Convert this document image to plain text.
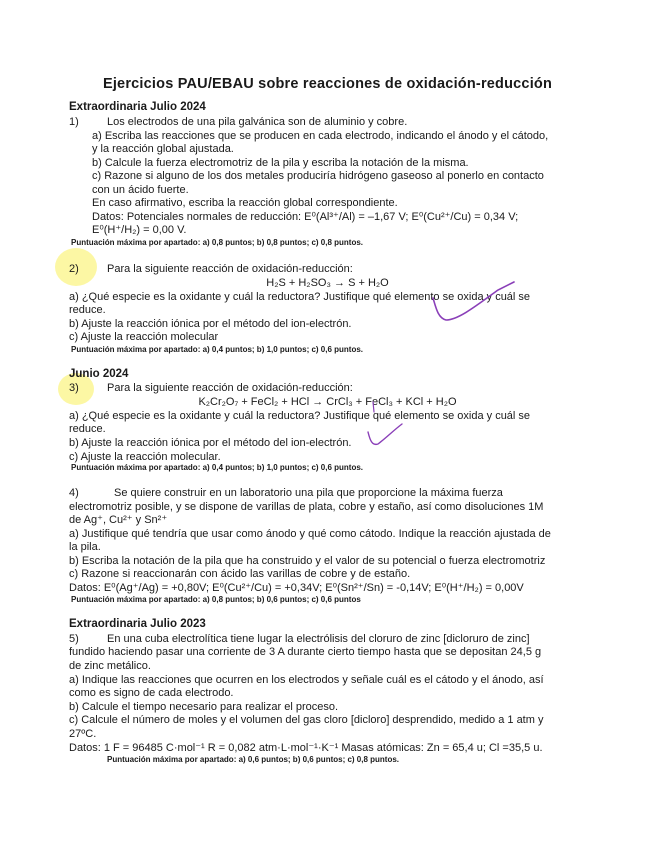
Ejercicios PAU/EBAU sobre reacciones de oxidación-reducción
Extraordinaria Julio 2024
1)	Los electrodos de una pila galvánica son de aluminio y cobre.
a) Escriba las reacciones que se producen en cada electrodo, indicando el ánodo y el cátodo,
y la reacción global ajustada.
b) Calcule la fuerza electromotriz de la pila y escriba la notación de la misma.
c) Razone si alguno de los dos metales produciría hidrógeno gaseoso al ponerlo en contacto
con un ácido fuerte.
En caso afirmativo, escriba la reacción global correspondiente.
Datos: Potenciales normales de reducción: E⁰(Al³⁺/Al) = –1,67 V; E⁰(Cu²⁺/Cu) = 0,34 V;
E⁰(H⁺/H₂) = 0,00 V.
Puntuación máxima por apartado: a) 0,8 puntos; b) 0,8 puntos; c) 0,8 puntos.
2)	Para la siguiente reacción de oxidación-reducción:
H₂S + H₂SO₃ → S + H₂O
a) ¿Qué especie es la oxidante y cuál la reductora? Justifique qué elemento se oxida y cuál se
reduce.
b) Ajuste la reacción iónica por el método del ion-electrón.
c) Ajuste la reacción molecular
Puntuación máxima por apartado: a) 0,4 puntos; b) 1,0 puntos; c) 0,6 puntos.
Junio 2024
3)	Para la siguiente reacción de oxidación-reducción:
K₂Cr₂O₇ + FeCl₂ + HCl → CrCl₃ + FeCl₃ + KCl + H₂O
a) ¿Qué especie es la oxidante y cuál la reductora? Justifique qué elemento se oxida y cuál se
reduce.
b) Ajuste la reacción iónica por el método del ion-electrón.
c) Ajuste la reacción molecular.
Puntuación máxima por apartado: a) 0,4 puntos; b) 1,0 puntos; c) 0,6 puntos.
4)	Se quiere construir en un laboratorio una pila que proporcione la máxima fuerza
electromotriz posible, y se dispone de varillas de plata, cobre y estaño, así como disoluciones 1M
de Ag⁺, Cu²⁺ y Sn²⁺
a) Justifique qué tendría que usar como ánodo y qué como cátodo. Indique la reacción ajustada de
la pila.
b) Escriba la notación de la pila que ha construido y el valor de su potencial o fuerza electromotriz
c) Razone si reaccionarán con ácido las varillas de cobre y de estaño.
Datos: E⁰(Ag⁺/Ag) = +0,80V; E⁰(Cu²⁺/Cu) = +0,34V; E⁰(Sn²⁺/Sn) = -0,14V; E⁰(H⁺/H₂) = 0,00V
Puntuación máxima por apartado: a) 0,8 puntos; b) 0,6 puntos; c) 0,6 puntos
Extraordinaria Julio 2023
5)	En una cuba electrolítica tiene lugar la electrólisis del cloruro de zinc [dicloruro de zinc]
fundido haciendo pasar una corriente de 3 A durante cierto tiempo hasta que se depositan 24,5 g
de zinc metálico.
a) Indique las reacciones que ocurren en los electrodos y señale cuál es el cátodo y el ánodo, así
como es signo de cada electrodo.
b) Calcule el tiempo necesario para realizar el proceso.
c) Calcule el número de moles y el volumen del gas cloro [dicloro] desprendido, medido a 1 atm y
27ºC.
Datos: 1 F = 96485 C·mol⁻¹ R = 0,082 atm·L·mol⁻¹·K⁻¹ Masas atómicas: Zn = 65,4 u; Cl =35,5 u.
Puntuación máxima por apartado: a) 0,6 puntos; b) 0,6 puntos; c) 0,8 puntos.
